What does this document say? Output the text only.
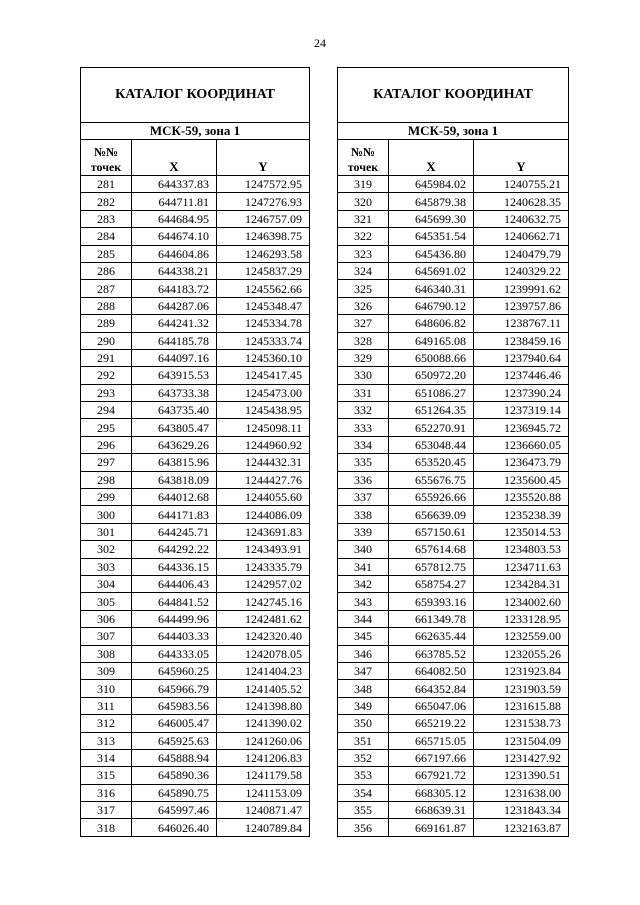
24
КАТАЛОГ КООРДИНАТ		
МСК-59, зона 1		
№№
точек	X	Y
281	644337.83	1247572.95
282	644711.81	1247276.93
283	644684.95	1246757.09
284	644674.10	1246398.75
285	644604.86	1246293.58
286	644338.21	1245837.29
287	644183.72	1245562.66
288	644287.06	1245348.47
289	644241.32	1245334.78
290	644185.78	1245333.74
291	644097.16	1245360.10
292	643915.53	1245417.45
293	643733.38	1245473.00
294	643735.40	1245438.95
295	643805.47	1245098.11
296	643629.26	1244960.92
297	643815.96	1244432.31
298	643818.09	1244427.76
299	644012.68	1244055.60
300	644171.83	1244086.09
301	644245.71	1243691.83
302	644292.22	1243493.91
303	644336.15	1243335.79
304	644406.43	1242957.02
305	644841.52	1242745.16
306	644499.96	1242481.62
307	644403.33	1242320.40
308	644333.05	1242078.05
309	645960.25	1241404.23
310	645966.79	1241405.52
311	645983.56	1241398.80
312	646005.47	1241390.02
313	645925.63	1241260.06
314	645888.94	1241206.83
315	645890.36	1241179.58
316	645890.75	1241153.09
317	645997.46	1240871.47
318	646026.40	1240789.84
КАТАЛОГ КООРДИНАТ		
МСК-59, зона 1		
№№
точек	X	Y
319	645984.02	1240755.21
320	645879.38	1240628.35
321	645699.30	1240632.75
322	645351.54	1240662.71
323	645436.80	1240479.79
324	645691.02	1240329.22
325	646340.31	1239991.62
326	646790.12	1239757.86
327	648606.82	1238767.11
328	649165.08	1238459.16
329	650088.66	1237940.64
330	650972.20	1237446.46
331	651086.27	1237390.24
332	651264.35	1237319.14
333	652270.91	1236945.72
334	653048.44	1236660.05
335	653520.45	1236473.79
336	655676.75	1235600.45
337	655926.66	1235520.88
338	656639.09	1235238.39
339	657150.61	1235014.53
340	657614.68	1234803.53
341	657812.75	1234711.63
342	658754.27	1234284.31
343	659393.16	1234002.60
344	661349.78	1233128.95
345	662635.44	1232559.00
346	663785.52	1232055.26
347	664082.50	1231923.84
348	664352.84	1231903.59
349	665047.06	1231615.88
350	665219.22	1231538.73
351	665715.05	1231504.09
352	667197.66	1231427.92
353	667921.72	1231390.51
354	668305.12	1231638.00
355	668639.31	1231843.34
356	669161.87	1232163.87
